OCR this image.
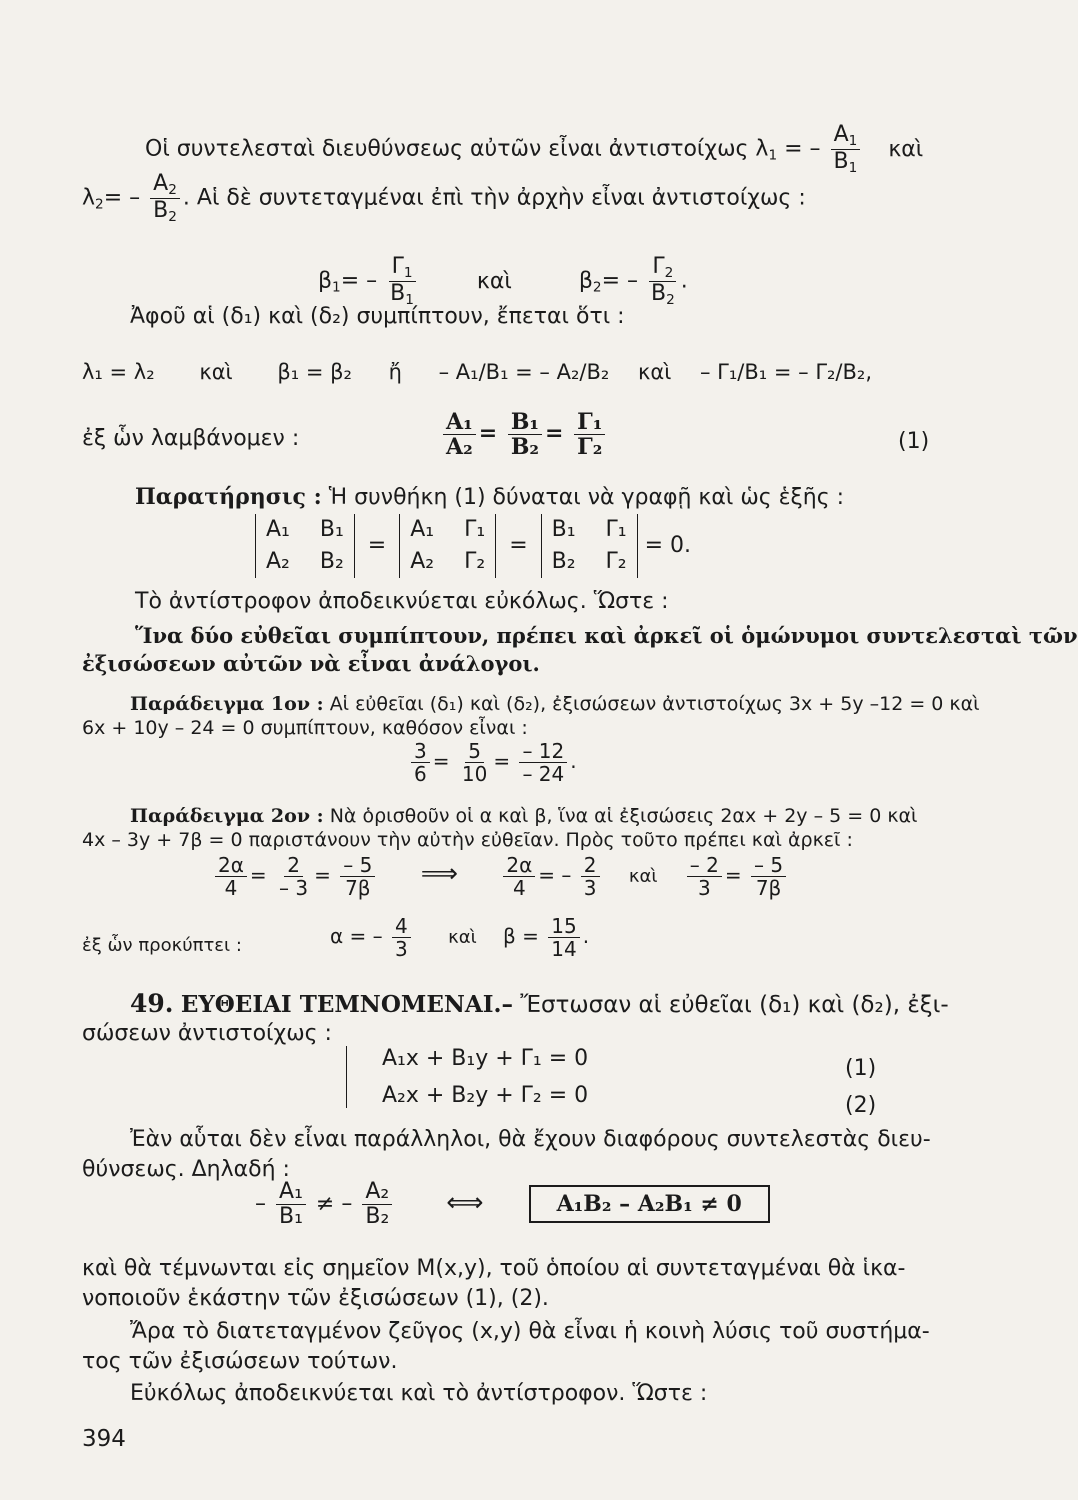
Οἱ συντελεσταὶ διευθύνσεως αὐτῶν εἶναι ἀντιστοίχως $\lambda_1$ = – $\frac{A_1}{B_1}$ καὶ
$\lambda_2= - \frac{A_2}{B_2}$ . Αἱ δὲ συντεταγμέναι ἐπὶ τὴν ἀρχὴν εἶναι ἀντιστοίχως :
$\beta_1= - \frac{\Gamma_1}{B_1}$	καὶ	$\beta_2= - \frac{\Gamma_2}{B_2}$ .
Ἀφοῦ αἱ (δ₁) καὶ (δ₂) συμπίπτουν, ἔπεται ὅτι :
λ₁ = λ₂ καὶ β₁ = β₂ ἤ – A₁/B₁ = – A₂/B₂ καὶ – Γ₁/B₁ = – Γ₂/B₂,
ἐξ ὧν λαμβάνομεν :	$\frac{\text{A₁}}{\text{A₂}} = \frac{\text{B₁}}{\text{B₂}} = \frac{\text{Γ₁}}{\text{Γ₂}}$	(1)
Παρατήρησις : Ἡ συνθήκη (1) δύναται νὰ γραφῇ καὶ ὡς ἑξῆς :
A₁ B₁
A₂ B₂
=
A₁ Γ₁
A₂ Γ₂
=
B₁ Γ₁
B₂ Γ₂
= 0.
Τὸ ἀντίστροφον ἀποδεικνύεται εὐκόλως. Ὥστε :
Ἵνα δύο εὐθεῖαι συμπίπτουν, πρέπει καὶ ἀρκεῖ οἱ ὁμώνυμοι συντελεσταὶ τῶν
ἐξισώσεων αὐτῶν νὰ εἶναι ἀνάλογοι.
Παράδειγμα 1ον : Αἱ εὐθεῖαι (δ₁) καὶ (δ₂), ἐξισώσεων ἀντιστοίχως 3x + 5y –12 = 0 καὶ
6x + 10y – 24 = 0 συμπίπτουν, καθόσον εἶναι :
$\frac{3}{6} = \frac{5}{10} = \frac{- 12}{- 24}$ .
Παράδειγμα 2ον : Νὰ ὁρισθοῦν οἱ α καὶ β, ἵνα αἱ ἐξισώσεις 2αx + 2y – 5 = 0 καὶ
4x – 3y + 7β = 0 παριστάνουν τὴν αὐτὴν εὐθεῖαν. Πρὸς τοῦτο πρέπει καὶ ἀρκεῖ :
$\frac{2\alpha}{4} = \frac{2}{- 3} = \frac{- 5}{7\beta}$ ⟹ $\frac{2\alpha}{4}$ = – $\frac{2}{3}$ καὶ $\frac{- 2}{3} = \frac{- 5}{7\beta}$
ἐξ ὧν προκύπτει :	α = – $\frac{4}{3}$ καὶ $\beta = \frac{15}{14}$ .
49. ΕΥΘΕΙΑΙ ΤΕΜΝΟΜΕΝΑΙ.– Ἔστωσαν αἱ εὐθεῖαι (δ₁) καὶ (δ₂), ἐξι-
σώσεων ἀντιστοίχως :
A₁x + B₁y + Γ₁ = 0
A₂x + B₂y + Γ₂ = 0
(1)
(2)
Ἐὰν αὗται δὲν εἶναι παράλληλοι, θὰ ἔχουν διαφόρους συντελεστὰς διευ-
θύνσεως. Δηλαδή :
– $\frac{\text{A₁}}{\text{B₁}}$ ≠ – $\frac{\text{A₂}}{\text{B₂}}$ ⟺	A₁B₂ – A₂B₁ ≠ 0
καὶ θὰ τέμνωνται εἰς σημεῖον M(x,y), τοῦ ὁποίου αἱ συντεταγμέναι θὰ ἱκα-
νοποιοῦν ἑκάστην τῶν ἐξισώσεων (1), (2).
Ἄρα τὸ διατεταγμένον ζεῦγος (x,y) θὰ εἶναι ἡ κοινὴ λύσις τοῦ συστήμα-
τος τῶν ἐξισώσεων τούτων.
Εὐκόλως ἀποδεικνύεται καὶ τὸ ἀντίστροφον. Ὥστε :
394
